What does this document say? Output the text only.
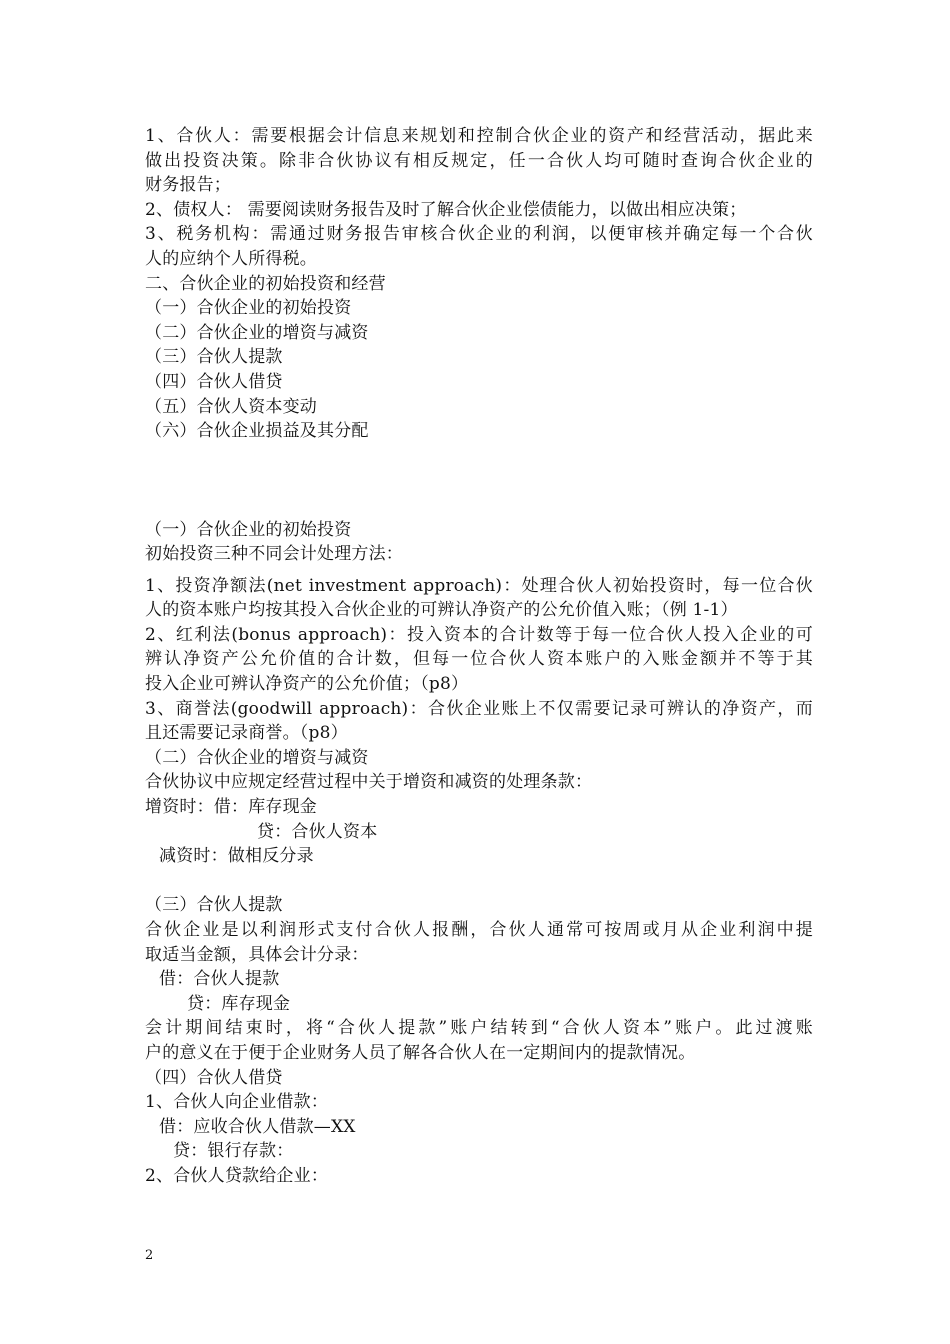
1、合伙人：需要根据会计信息来规划和控制合伙企业的资产和经营活动，据此来
做出投资决策。除非合伙协议有相反规定，任一合伙人均可随时查询合伙企业的
财务报告；
2、债权人： 需要阅读财务报告及时了解合伙企业偿债能力，以做出相应决策；
3、税务机构：需通过财务报告审核合伙企业的利润，以便审核并确定每一个合伙
人的应纳个人所得税。
二、合伙企业的初始投资和经营
（一）合伙企业的初始投资
（二）合伙企业的增资与减资
（三）合伙人提款
（四）合伙人借贷
（五）合伙人资本变动
（六）合伙企业损益及其分配
（一）合伙企业的初始投资
初始投资三种不同会计处理方法：
1、投资净额法(net investment approach)：处理合伙人初始投资时，每一位合伙
人的资本账户均按其投入合伙企业的可辨认净资产的公允价值入账；（例 1-1）
2、红利法(bonus approach)：投入资本的合计数等于每一位合伙人投入企业的可
辨认净资产公允价值的合计数，但每一位合伙人资本账户的入账金额并不等于其
投入企业可辨认净资产的公允价值；（p8）
3、商誉法(goodwill approach)：合伙企业账上不仅需要记录可辨认的净资产，而
且还需要记录商誉。（p8）
（二）合伙企业的增资与减资
合伙协议中应规定经营过程中关于增资和减资的处理条款：
增资时：借：库存现金
贷：合伙人资本
减资时：做相反分录
（三）合伙人提款
合伙企业是以利润形式支付合伙人报酬，合伙人通常可按周或月从企业利润中提
取适当金额，具体会计分录：
借：合伙人提款
贷：库存现金
会计期间结束时，将“合伙人提款”账户结转到“合伙人资本”账户。此过渡账
户的意义在于便于企业财务人员了解各合伙人在一定期间内的提款情况。
（四）合伙人借贷
1、合伙人向企业借款：
借：应收合伙人借款—XX
贷：银行存款：
2、合伙人贷款给企业：
2
